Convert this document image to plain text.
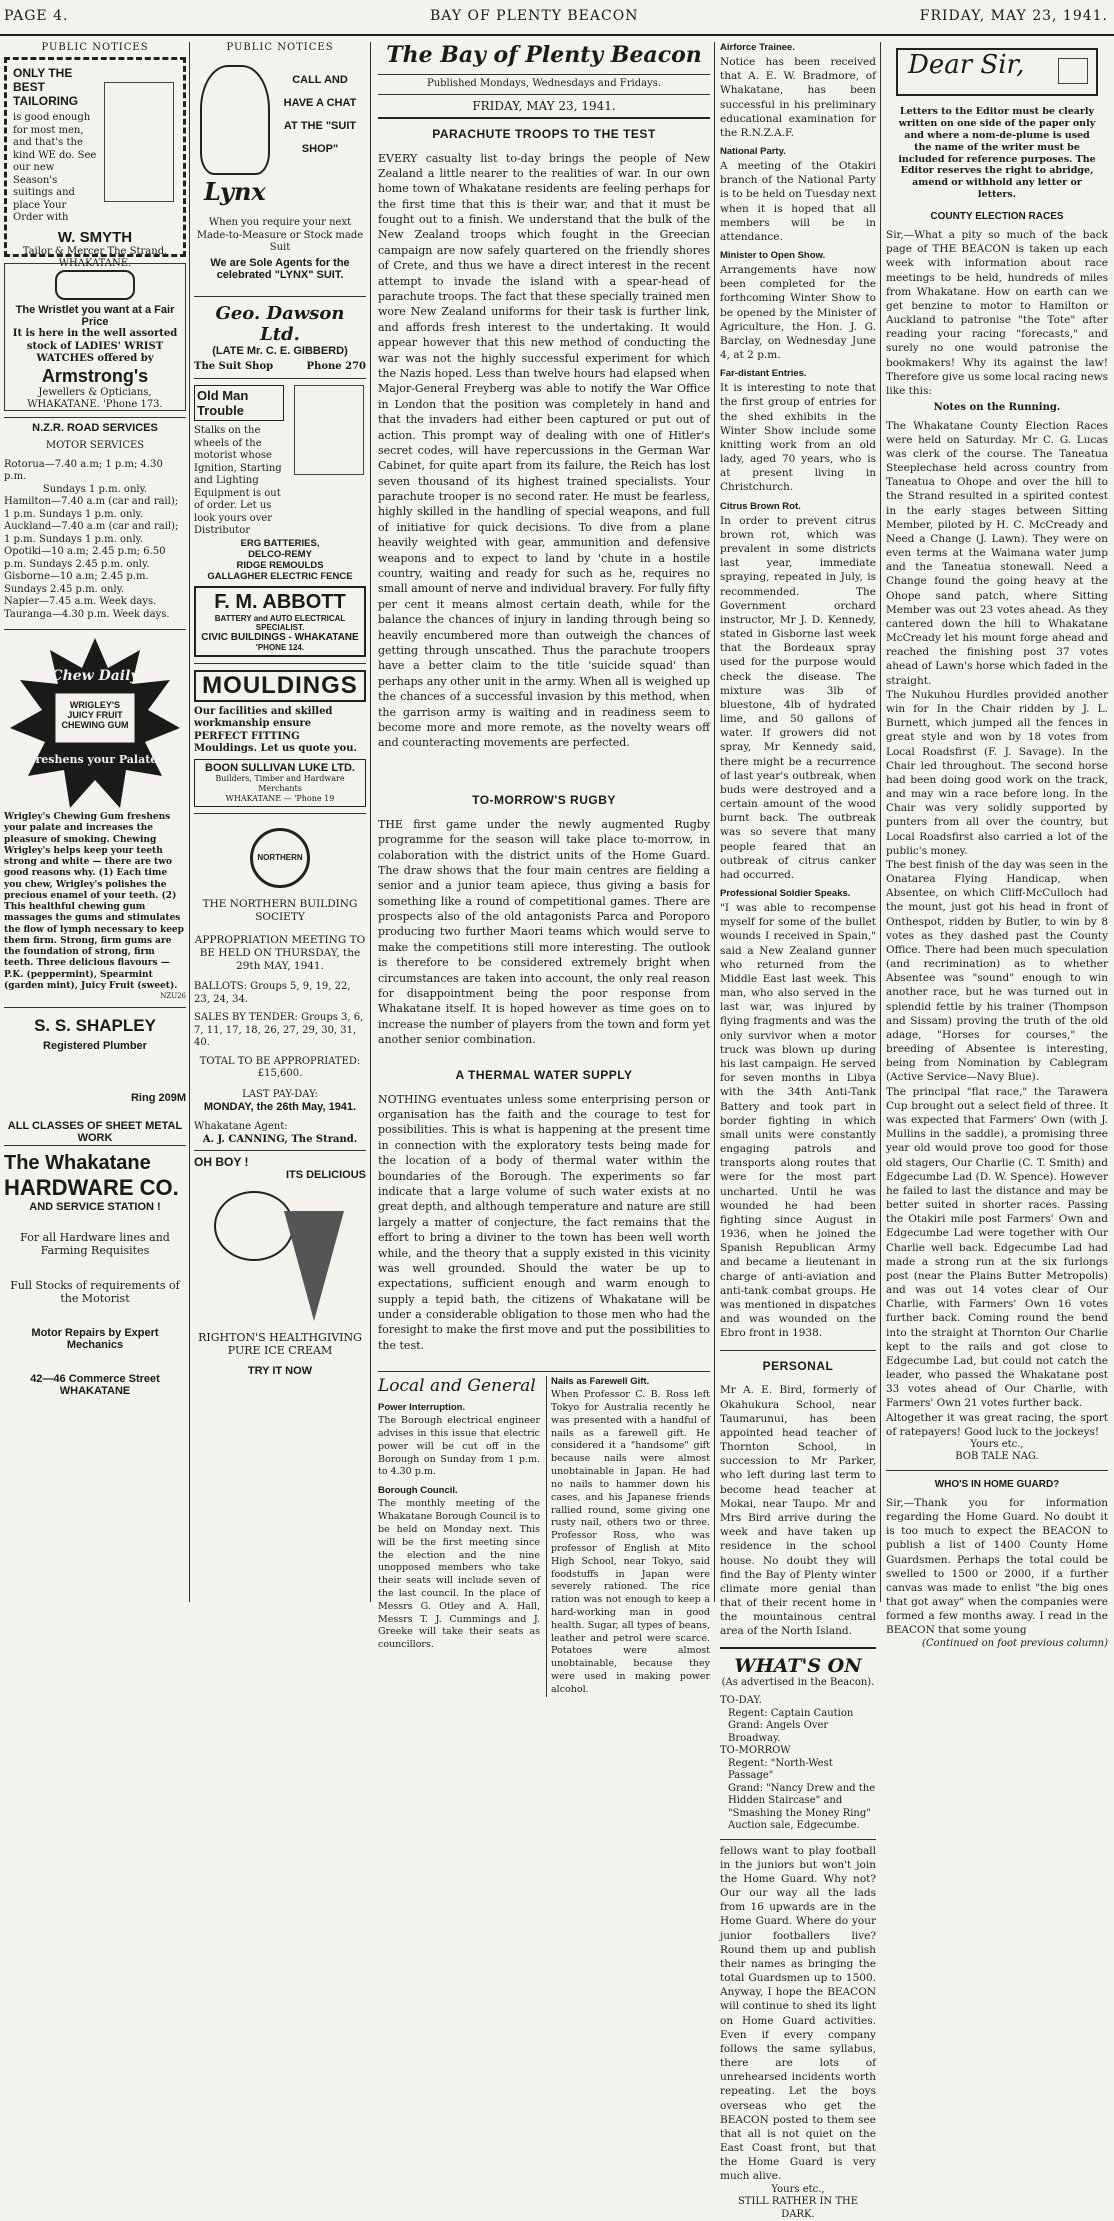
PAGE 4.	BAY OF PLENTY BEACON	FRIDAY, MAY 23, 1941.
PUBLIC NOTICES
ONLY THE BEST TAILORING
is good enough for most men, and that's the kind WE do. See our new Season's suitings and place Your Order with
W. SMYTH
Tailor & Mercer The Strand. WHAKATANE.
The Wristlet you want at a Fair Price
It is here in the well assorted stock of LADIES' WRIST WATCHES offered by
Armstrong's
Jewellers & Opticians, WHAKATANE. 'Phone 173.
N.Z.R. ROAD SERVICES
MOTOR SERVICES
Rotorua—7.40 a.m; 1 p.m; 4.30 p.m.
Sundays 1 p.m. only.
Hamilton—7.40 a.m (car and rail); 1 p.m. Sundays 1 p.m. only.
Auckland—7.40 a.m (car and rail); 1 p.m. Sundays 1 p.m. only.
Opotiki—10 a.m; 2.45 p.m; 6.50 p.m. Sundays 2.45 p.m. only.
Gisborne—10 a.m; 2.45 p.m. Sundays 2.45 p.m. only.
Napier—7.45 a.m. Week days.
Tauranga—4.30 p.m. Week days.
Chew Daily
WRIGLEY'S JUICY FRUIT CHEWING GUM
Freshens your Palate!
Wrigley's Chewing Gum freshens your palate and increases the pleasure of smoking. Chewing Wrigley's helps keep your teeth strong and white — there are two good reasons why. (1) Each time you chew, Wrigley's polishes the precious enamel of your teeth. (2) This healthful chewing gum massages the gums and stimulates the flow of lymph necessary to keep them firm. Strong, firm gums are the foundation of strong, firm teeth. Three delicious flavours — P.K. (peppermint), Spearmint (garden mint), Juicy Fruit (sweet).
NZU26
S. S. SHAPLEY
Registered Plumber
Ring 209M
ALL CLASSES OF SHEET METAL WORK
The Whakatane
HARDWARE CO.
AND SERVICE STATION !
For all Hardware lines and Farming Requisites
Full Stocks of requirements of the Motorist
Motor Repairs by Expert Mechanics
42—46 Commerce Street WHAKATANE
PUBLIC NOTICES
Lynx
CALL AND HAVE A CHAT AT THE "SUIT SHOP"
When you require your next Made-to-Measure or Stock made Suit
We are Sole Agents for the celebrated "LYNX" SUIT.
Geo. Dawson Ltd.
(LATE Mr. C. E. GIBBERD)
The Suit Shop	Phone 270
Old Man Trouble
Stalks on the wheels of the motorist whose Ignition, Starting and Lighting Equipment is out of order. Let us look yours over
Distributor
ERG BATTERIES,
DELCO-REMY
RIDGE REMOULDS
GALLAGHER ELECTRIC FENCE
F. M. ABBOTT
BATTERY and AUTO ELECTRICAL SPECIALIST.
CIVIC BUILDINGS - WHAKATANE
'PHONE 124.
MOULDINGS
Our facilities and skilled workmanship ensure PERFECT FITTING Mouldings. Let us quote you.
BOON SULLIVAN LUKE LTD.
Builders, Timber and Hardware Merchants
WHAKATANE — 'Phone 19
NORTHERN
THE NORTHERN BUILDING SOCIETY
APPROPRIATION MEETING TO BE HELD ON THURSDAY, the 29th MAY, 1941.
BALLOTS: Groups 5, 9, 19, 22, 23, 24, 34.
SALES BY TENDER: Groups 3, 6, 7, 11, 17, 18, 26, 27, 29, 30, 31, 40.
TOTAL TO BE APPROPRIATED: £15,600.
LAST PAY-DAY:
MONDAY, the 26th May, 1941.
Whakatane Agent:
A. J. CANNING, The Strand.
OH BOY !
ITS DELICIOUS
RIGHTON'S HEALTHGIVING PURE ICE CREAM
TRY IT NOW
The Bay of Plenty Beacon
Published Mondays, Wednesdays and Fridays.
FRIDAY, MAY 23, 1941.
PARACHUTE TROOPS TO THE TEST
EVERY casualty list to-day brings the people of New Zealand a little nearer to the realities of war. In our own home town of Whakatane residents are feeling perhaps for the first time that this is their war, and that it must be fought out to a finish. We understand that the bulk of the New Zealand troops which fought in the Greecian campaign are now safely quartered on the friendly shores of Crete, and thus we have a direct interest in the recent attempt to invade the island with a spear-head of parachute troops. The fact that these specially trained men wore New Zealand uniforms for their task is further link, and affords fresh interest to the undertaking. It would appear however that this new method of conducting the war was not the highly successful experiment for which the Nazis hoped. Less than twelve hours had elapsed when Major-General Freyberg was able to notify the War Office in London that the position was completely in hand and that the invaders had either been captured or put out of action. This prompt way of dealing with one of Hitler's secret codes, will have repercussions in the German War Cabinet, for quite apart from its failure, the Reich has lost seven thousand of its highest trained specialists. Your parachute trooper is no second rater. He must be fearless, highly skilled in the handling of special weapons, and full of initiative for quick decisions. To dive from a plane heavily weighted with gear, ammunition and defensive weapons and to expect to land by 'chute in a hostile country, waiting and ready for such as he, requires no small amount of nerve and individual bravery. For fully fifty per cent it means almost certain death, while for the balance the chances of injury in landing through being so heavily encumbered more than outweigh the chances of getting through unscathed. Thus the parachute troopers have a better claim to the title 'suicide squad' than perhaps any other unit in the army. When all is weighed up the chances of a successful invasion by this method, when the garrison army is waiting and in readiness seem to become more and more remote, as the novelty wears off and counteracting movements are perfected.
TO-MORROW'S RUGBY
THE first game under the newly augmented Rugby programme for the season will take place to-morrow, in colaboration with the district units of the Home Guard. The draw shows that the four main centres are fielding a senior and a junior team apiece, thus giving a basis for something like a round of competitional games. There are prospects also of the old antagonists Parca and Poroporo producing two further Maori teams which would serve to make the competitions still more interesting. The outlook is therefore to be considered extremely bright when circumstances are taken into account, the only real reason for disappointment being the poor response from Whakatane itself. It is hoped however as time goes on to increase the number of players from the town and form yet another senior combination.
A THERMAL WATER SUPPLY
NOTHING eventuates unless some enterprising person or organisation has the faith and the courage to test for possibilities. This is what is happening at the present time in connection with the exploratory tests being made for the location of a body of thermal water within the boundaries of the Borough. The experiments so far indicate that a large volume of such water exists at no great depth, and although temperature and nature are still largely a matter of conjecture, the fact remains that the effort to bring a diviner to the town has been well worth while, and the theory that a supply existed in this vicinity was well grounded. Should the water be up to expectations, sufficient enough and warm enough to supply a tepid bath, the citizens of Whakatane will be under a considerable obligation to those men who had the foresight to make the first move and put the possibilities to the test.
Local and General
Power Interruption.
The Borough electrical engineer advises in this issue that electric power will be cut off in the Borough on Sunday from 1 p.m. to 4.30 p.m.
Borough Council.
The monthly meeting of the Whakatane Borough Council is to be held on Monday next. This will be the first meeting since the election and the nine unopposed members who take their seats will include seven of the last council. In the place of Messrs G. Otley and A. Hall, Messrs T. J. Cummings and J. Greeke will take their seats as councillors.
Nails as Farewell Gift.
When Professor C. B. Ross left Tokyo for Australia recently he was presented with a handful of nails as a farewell gift. He considered it a "handsome" gift because nails were almost unobtainable in Japan. He had no nails to hammer down his cases, and his Japanese friends rallied round, some giving one rusty nail, others two or three. Professor Ross, who was professor of English at Mito High School, near Tokyo, said foodstuffs in Japan were severely rationed. The rice ration was not enough to keep a hard-working man in good health. Sugar, all types of beans, leather and petrol were scarce. Potatoes were almost unobtainable, because they were used in making power alcohol.
Airforce Trainee.
Notice has been received that A. E. W. Bradmore, of Whakatane, has been successful in his preliminary educational examination for the R.N.Z.A.F.
National Party.
A meeting of the Otakiri branch of the National Party is to be held on Tuesday next when it is hoped that all members will be in attendance.
Minister to Open Show.
Arrangements have now been completed for the forthcoming Winter Show to be opened by the Minister of Agriculture, the Hon. J. G. Barclay, on Wednesday June 4, at 2 p.m.
Far-distant Entries.
It is interesting to note that the first group of entries for the shed exhibits in the Winter Show include some knitting work from an old lady, aged 70 years, who is at present living in Christchurch.
Citrus Brown Rot.
In order to prevent citrus brown rot, which was prevalent in some districts last year, immediate spraying, repeated in July, is recommended. The Government orchard instructor, Mr J. D. Kennedy, stated in Gisborne last week that the Bordeaux spray used for the purpose would check the disease. The mixture was 3lb of bluestone, 4lb of hydrated lime, and 50 gallons of water. If growers did not spray, Mr Kennedy said, there might be a recurrence of last year's outbreak, when buds were destroyed and a certain amount of the wood burnt back. The outbreak was so severe that many people feared that an outbreak of citrus canker had occurred.
Professional Soldier Speaks.
"I was able to recompense myself for some of the bullet wounds I received in Spain," said a New Zealand gunner who returned from the Middle East last week. This man, who also served in the last war, was injured by flying fragments and was the only survivor when a motor truck was blown up during his last campaign. He served for seven months in Libya with the 34th Anti-Tank Battery and took part in border fighting in which small units were constantly engaging patrols and transports along routes that were for the most part uncharted. Until he was wounded he had been fighting since August in 1936, when he joined the Spanish Republican Army and became a lieutenant in charge of anti-aviation and anti-tank combat groups. He was mentioned in dispatches and was wounded on the Ebro front in 1938.
PERSONAL
Mr A. E. Bird, formerly of Okahukura School, near Taumarunui, has been appointed head teacher of Thornton School, in succession to Mr Parker, who left during last term to become head teacher at Mokai, near Taupo. Mr and Mrs Bird arrive during the week and have taken up residence in the school house. No doubt they will find the Bay of Plenty winter climate more genial than that of their recent home in the mountainous central area of the North Island.
WHAT'S ON
(As advertised in the Beacon).
TO-DAY.
Regent: Captain Caution
Grand: Angels Over Broadway.
TO-MORROW
Regent: "North-West Passage"
Grand: "Nancy Drew and the Hidden Staircase" and "Smashing the Money Ring"
Auction sale, Edgecumbe.
fellows want to play football in the juniors but won't join the Home Guard. Why not? Our our way all the lads from 16 upwards are in the Home Guard. Where do your junior footballers live? Round them up and publish their names as bringing the total Guardsmen up to 1500. Anyway, I hope the BEACON will continue to shed its light on Home Guard activities. Even if every company follows the same syllabus, there are lots of unrehearsed incidents worth repeating. Let the boys overseas who get the BEACON posted to them see that all is not quiet on the East Coast front, but that the Home Guard is very much alive.
Yours etc.,
STILL RATHER IN THE DARK.
Dear Sir,
Letters to the Editor must be clearly written on one side of the paper only and where a nom-de-plume is used the name of the writer must be included for reference purposes. The Editor reserves the right to abridge, amend or withhold any letter or letters.
COUNTY ELECTION RACES
Sir,—What a pity so much of the back page of THE BEACON is taken up each week with information about race meetings to be held, hundreds of miles from Whakatane. How on earth can we get benzine to motor to Hamilton or Auckland to patronise "the Tote" after reading your racing "forecasts," and surely no one would patronise the bookmakers! Why its against the law! Therefore give us some local racing news like this:
Notes on the Running.
The Whakatane County Election Races were held on Saturday. Mr C. G. Lucas was clerk of the course. The Taneatua Steeplechase held across country from Taneatua to Ohope and over the hill to the Strand resulted in a spirited contest in the early stages between Sitting Member, piloted by H. C. McCready and Need a Change (J. Lawn). They were on even terms at the Waimana water jump and the Taneatua stonewall. Need a Change found the going heavy at the Ohope sand patch, where Sitting Member was out 23 votes ahead. As they cantered down the hill to Whakatane McCready let his mount forge ahead and reached the finishing post 37 votes ahead of Lawn's horse which faded in the straight.
The Nukuhou Hurdles provided another win for In the Chair ridden by J. L. Burnett, which jumped all the fences in great style and won by 18 votes from Local Roadsfirst (F. J. Savage). In the Chair led throughout. The second horse had been doing good work on the track, and may win a race before long. In the Chair was very solidly supported by punters from all over the country, but Local Roadsfirst also carried a lot of the public's money.
The best finish of the day was seen in the Onatarea Flying Handicap, when Absentee, on which Cliff-McCulloch had the mount, just got his head in front of Onthespot, ridden by Butler, to win by 8 votes as they dashed past the County Office. There had been much speculation (and recrimination) as to whether Absentee was "sound" enough to win another race, but he was turned out in splendid fettle by his trainer (Thompson and Sissam) proving the truth of the old adage, "Horses for courses," the breeding of Absentee is interesting, being from Nomination by Cablegram (Active Service—Navy Blue).
The principal "flat race," the Tarawera Cup brought out a select field of three. It was expected that Farmers' Own (with J. Mullins in the saddle), a promising three year old would prove too good for those old stagers, Our Charlie (C. T. Smith) and Edgecumbe Lad (D. W. Spence). However he failed to last the distance and may be better suited in shorter races. Passing the Otakiri mile post Farmers' Own and Edgecumbe Lad were together with Our Charlie well back. Edgecumbe Lad had made a strong run at the six furlongs post (near the Plains Butter Metropolis) and was out 14 votes clear of Our Charlie, with Farmers' Own 16 votes further back. Coming round the bend into the straight at Thornton Our Charlie kept to the rails and got close to Edgecumbe Lad, but could not catch the leader, who passed the Whakatane post 33 votes ahead of Our Charlie, with Farmers' Own 21 votes further back.
Altogether it was great racing, the sport of ratepayers! Good luck to the jockeys!
Yours etc.,
BOB TALE NAG.
WHO'S IN HOME GUARD?
Sir,—Thank you for information regarding the Home Guard. No doubt it is too much to expect the BEACON to publish a list of 1400 County Home Guardsmen. Perhaps the total could be swelled to 1500 or 2000, if a further canvas was made to enlist "the big ones that got away" when the companies were formed a few months away. I read in the BEACON that some young
(Continued on foot previous column)
